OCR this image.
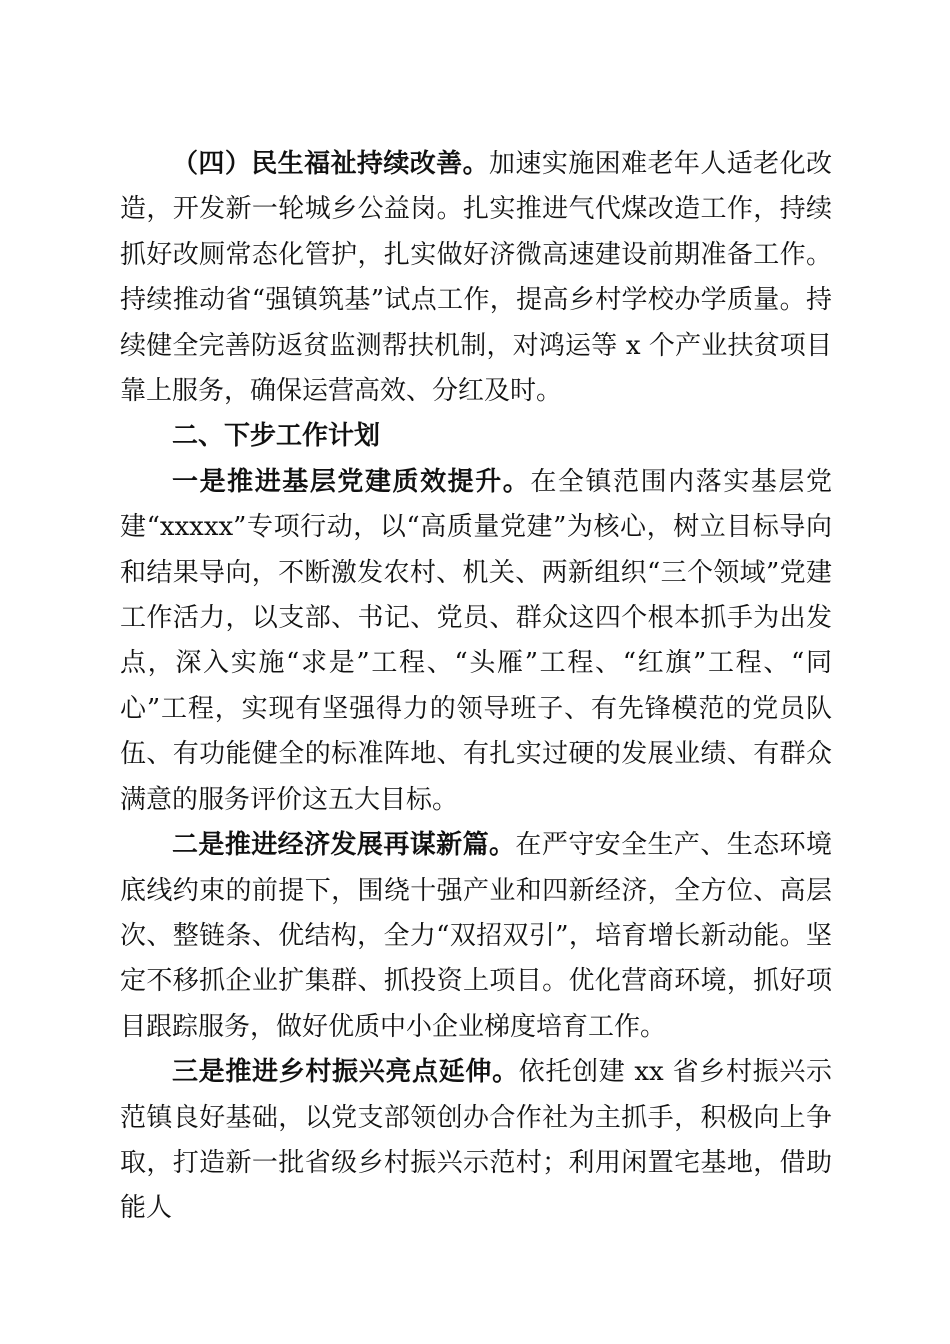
（四）民生福祉持续改善。加速实施困难老年人适老化改造，开发新一轮城乡公益岗。扎实推进气代煤改造工作，持续抓好改厕常态化管护，扎实做好济微高速建设前期准备工作。持续推动省“强镇筑基”试点工作，提高乡村学校办学质量。持续健全完善防返贫监测帮扶机制，对鸿运等 x 个产业扶贫项目靠上服务，确保运营高效、分红及时。

二、下步工作计划

一是推进基层党建质效提升。在全镇范围内落实基层党建“xxxxx”专项行动，以“高质量党建”为核心，树立目标导向和结果导向，不断激发农村、机关、两新组织“三个领域”党建工作活力，以支部、书记、党员、群众这四个根本抓手为出发点，深入实施“求是”工程、“头雁”工程、“红旗”工程、“同心”工程，实现有坚强得力的领导班子、有先锋模范的党员队伍、有功能健全的标准阵地、有扎实过硬的发展业绩、有群众满意的服务评价这五大目标。

二是推进经济发展再谋新篇。在严守安全生产、生态环境底线约束的前提下，围绕十强产业和四新经济，全方位、高层次、整链条、优结构，全力“双招双引”，培育增长新动能。坚定不移抓企业扩集群、抓投资上项目。优化营商环境，抓好项目跟踪服务，做好优质中小企业梯度培育工作。

三是推进乡村振兴亮点延伸。依托创建 xx 省乡村振兴示范镇良好基础，以党支部领创办合作社为主抓手，积极向上争取，打造新一批省级乡村振兴示范村；利用闲置宅基地，借助能人
